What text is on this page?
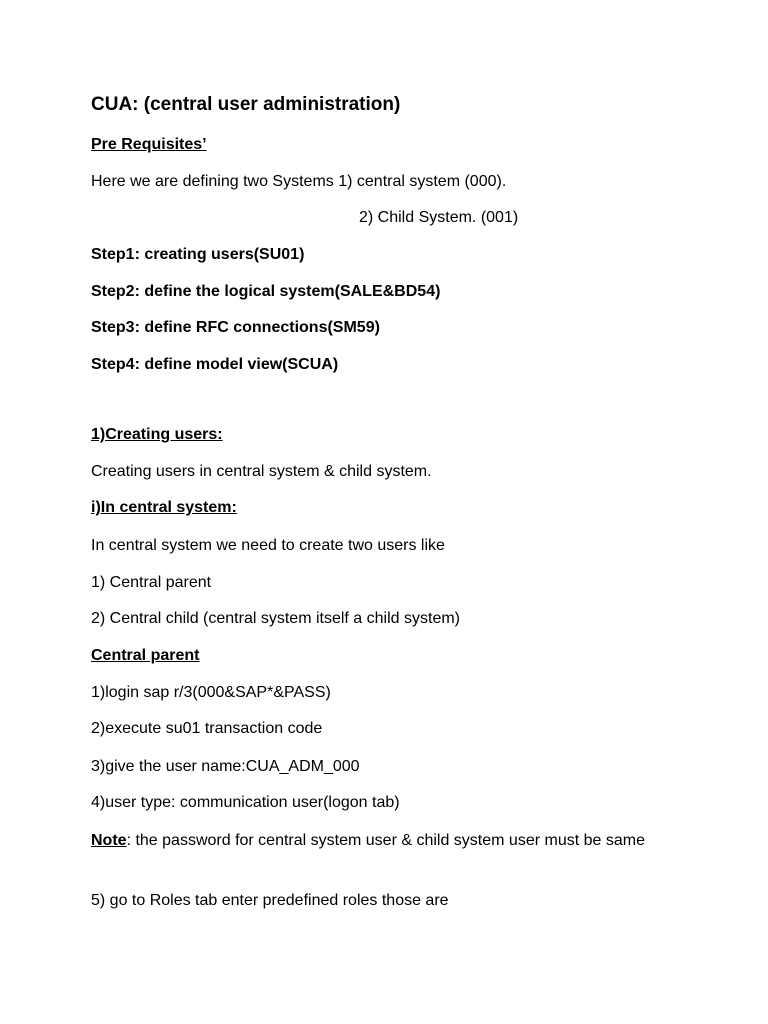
CUA: (central user administration)
Pre Requisites’
Here we are defining two Systems 1) central system (000).
2) Child System. (001)
Step1: creating users(SU01)
Step2: define the logical system(SALE&BD54)
Step3: define RFC connections(SM59)
Step4: define model view(SCUA)
1)Creating users:
Creating users in central system & child system.
i)In central system:
In central system we need to create two users like
1) Central parent
2) Central child (central system itself a child system)
Central parent
1)login sap r/3(000&SAP*&PASS)
2)execute su01 transaction code
3)give the user name:CUA_ADM_000
4)user type: communication user(logon tab)
Note: the password for central system user & child system user must be same
5) go to Roles tab enter predefined roles those are
